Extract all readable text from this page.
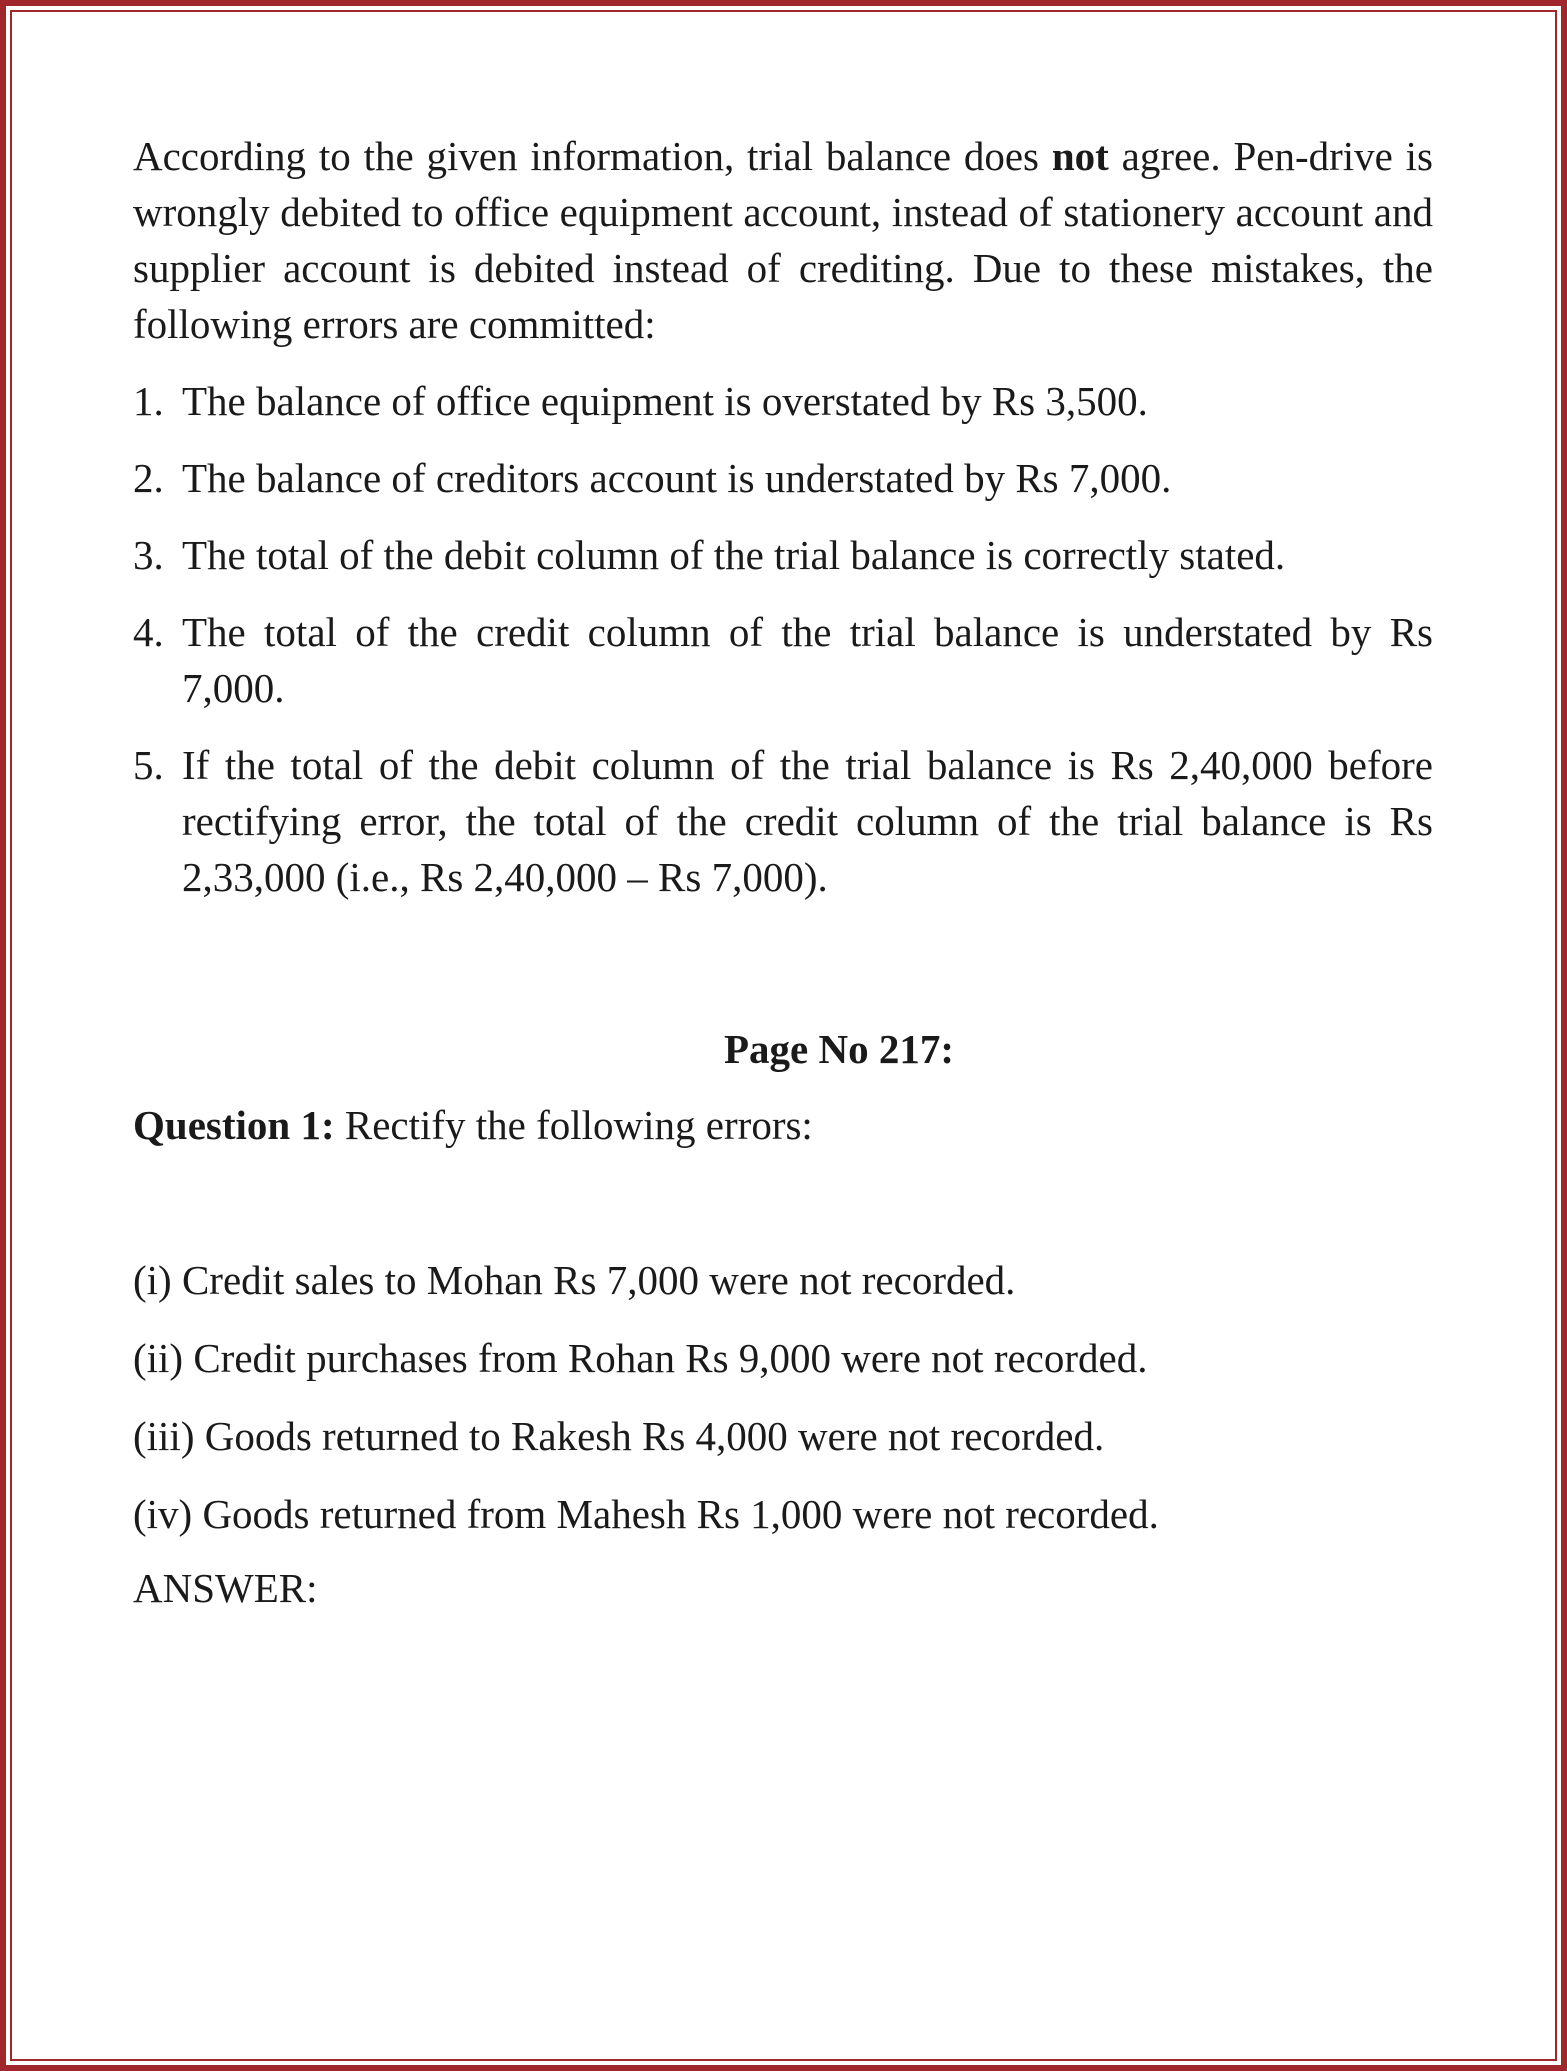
According to the given information, trial balance does not agree. Pen-drive is wrongly debited to office equipment account, instead of stationery account and supplier account is debited instead of crediting. Due to these mistakes, the following errors are committed:

1. The balance of office equipment is overstated by Rs 3,500.
2. The balance of creditors account is understated by Rs 7,000.
3. The total of the debit column of the trial balance is correctly stated.
4. The total of the credit column of the trial balance is understated by Rs 7,000.
5. If the total of the debit column of the trial balance is Rs 2,40,000 before rectifying error, the total of the credit column of the trial balance is Rs 2,33,000 (i.e., Rs 2,40,000 – Rs 7,000).

Page No 217:

Question 1: Rectify the following errors:

(i) Credit sales to Mohan Rs 7,000 were not recorded.
(ii) Credit purchases from Rohan Rs 9,000 were not recorded.
(iii) Goods returned to Rakesh Rs 4,000 were not recorded.
(iv) Goods returned from Mahesh Rs 1,000 were not recorded.

ANSWER:
